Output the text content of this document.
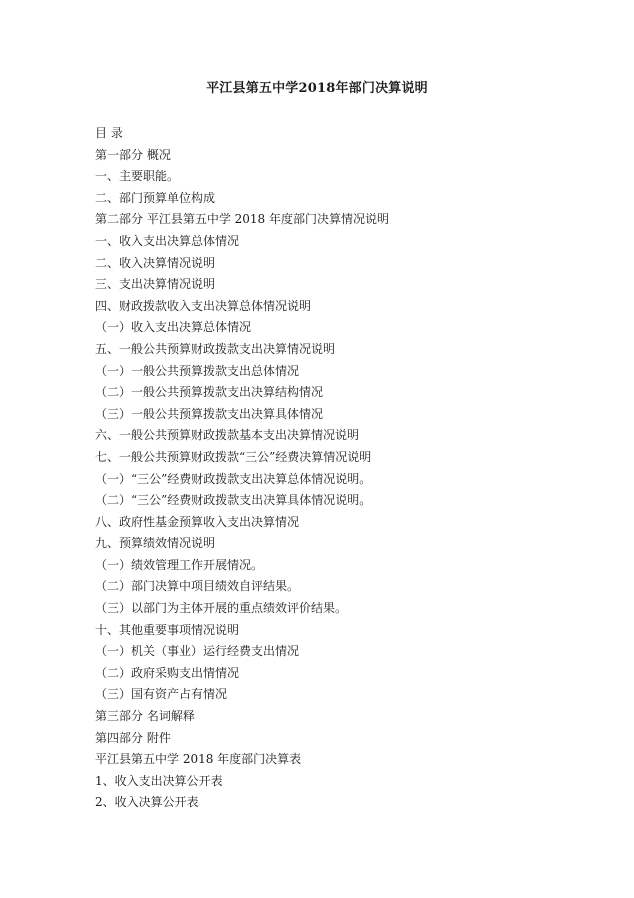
平江县第五中学2018年部门决算说明
目 录
第一部分 概况
一、主要职能。
二、部门预算单位构成
第二部分 平江县第五中学 2018 年度部门决算情况说明
一、收入支出决算总体情况
二、收入决算情况说明
三、支出决算情况说明
四、财政拨款收入支出决算总体情况说明
（一）收入支出决算总体情况
五、一般公共预算财政拨款支出决算情况说明
（一）一般公共预算拨款支出总体情况
（二）一般公共预算拨款支出决算结构情况
（三）一般公共预算拨款支出决算具体情况
六、一般公共预算财政拨款基本支出决算情况说明
七、一般公共预算财政拨款“三公”经费决算情况说明
（一）“三公”经费财政拨款支出决算总体情况说明。
（二）“三公”经费财政拨款支出决算具体情况说明。
八、政府性基金预算收入支出决算情况
九、预算绩效情况说明
（一）绩效管理工作开展情况。
（二）部门决算中项目绩效自评结果。
（三）以部门为主体开展的重点绩效评价结果。
十、其他重要事项情况说明
（一）机关（事业）运行经费支出情况
（二）政府采购支出情情况
（三）国有资产占有情况
第三部分 名词解释
第四部分 附件
平江县第五中学 2018 年度部门决算表
1、收入支出决算公开表
2、收入决算公开表
